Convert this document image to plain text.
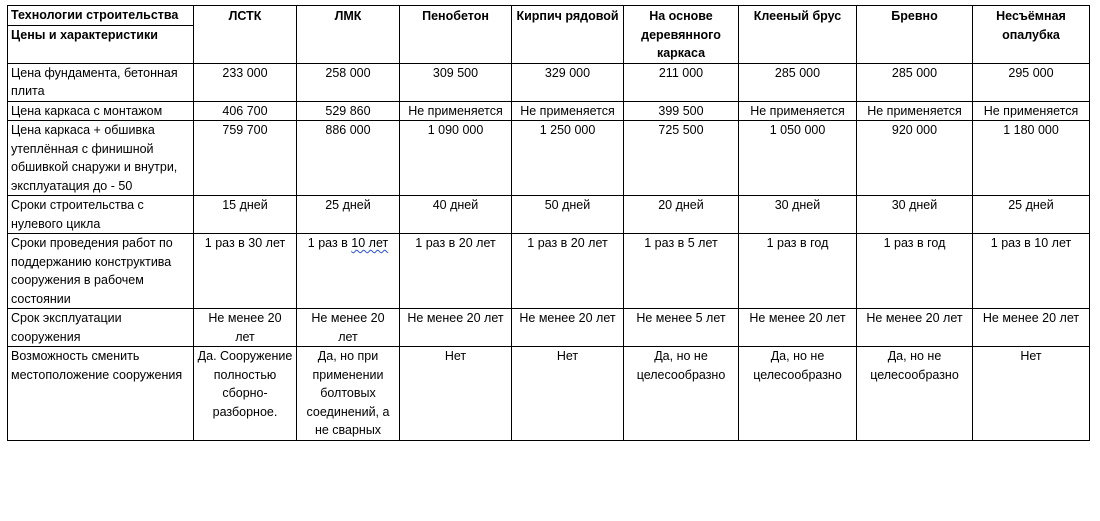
Технологии строительства
Цены и характеристики	ЛСТК	ЛМК	Пенобетон	Кирпич рядовой	На основе деревянного каркаса	Клееный брус	Бревно	Несъёмная опалубка
Цена фундамента, бетонная плита	233 000	258 000	309 500	329 000	211 000	285 000	285 000	295 000
Цена каркаса с монтажом	406 700	529 860	Не применяется	Не применяется	399 500	Не применяется	Не применяется	Не применяется
Цена каркаса + обшивка утеплённая с финишной обшивкой снаружи и внутри, эксплуатация до - 50	759 700	886 000	1 090 000	1 250 000	725 500	1 050 000	920 000	1 180 000
Сроки строительства с нулевого цикла	15 дней	25 дней	40 дней	50 дней	20 дней	30 дней	30 дней	25 дней
Сроки проведения работ по поддержанию конструктива сооружения в рабочем состоянии	1 раз в 30 лет	1 раз в 10 лет	1 раз в 20 лет	1 раз в 20 лет	1 раз в 5 лет	1 раз в год	1 раз в год	1 раз в 10 лет
Срок эксплуатации сооружения	Не менее 20 лет	Не менее 20 лет	Не менее 20 лет	Не менее 20 лет	Не менее 5 лет	Не менее 20 лет	Не менее 20 лет	Не менее 20 лет
Возможность сменить местоположение сооружения	Да. Сооружение полностью сборно-разборное.	Да, но при применении болтовых соединений, а не сварных	Нет	Нет	Да, но не целесообразно	Да, но не целесообразно	Да, но не целесообразно	Нет
